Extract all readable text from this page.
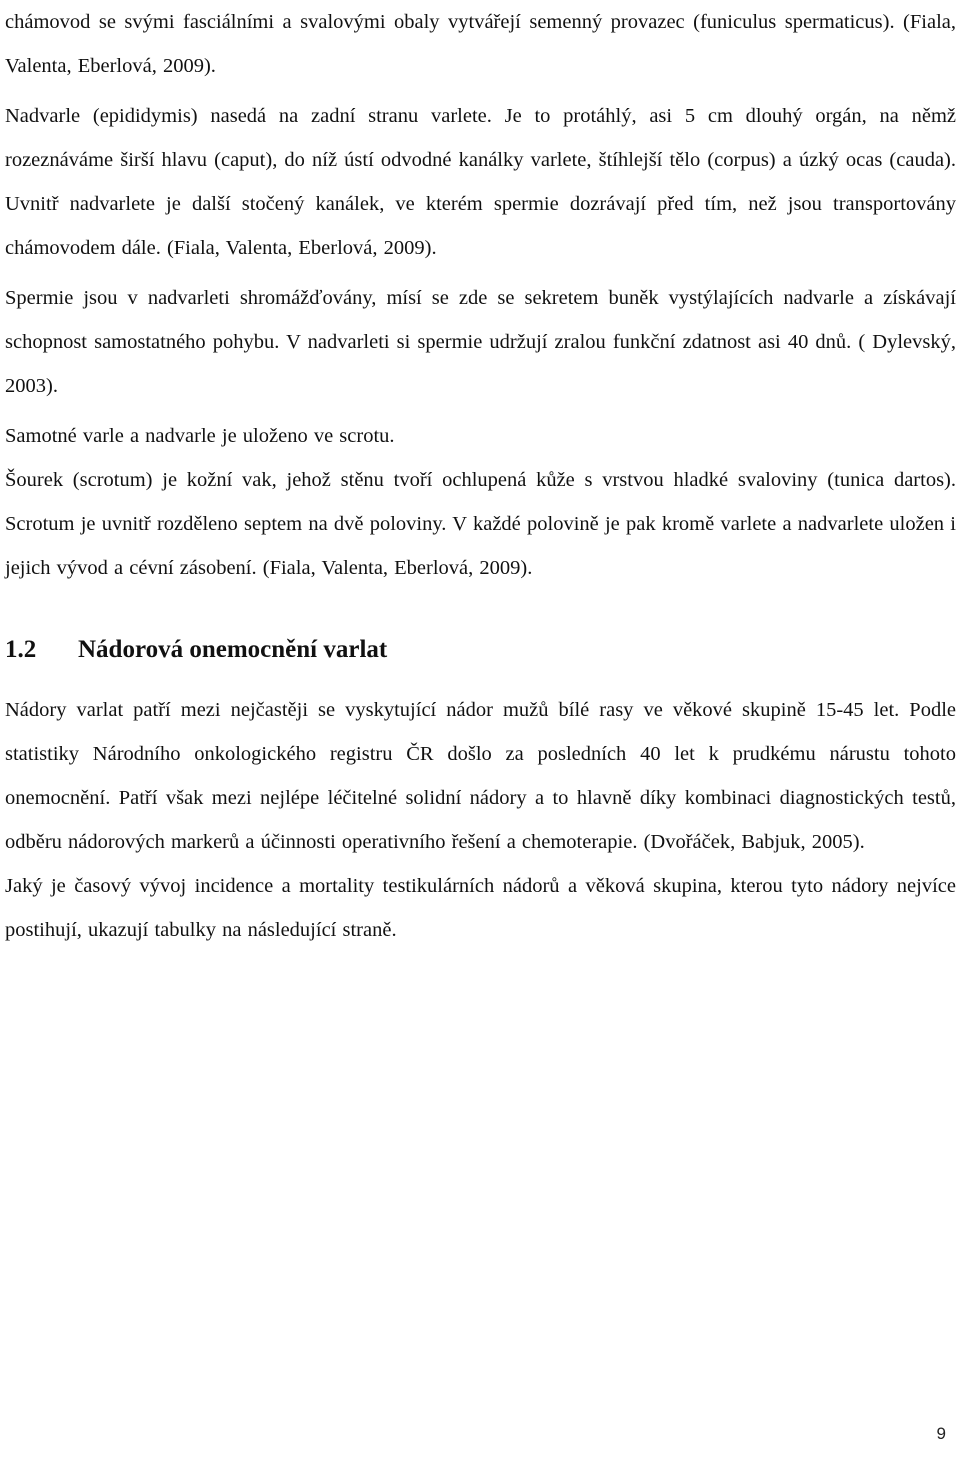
chámovod se svými fasciálními a svalovými obaly vytvářejí semenný provazec (funiculus spermaticus). (Fiala, Valenta, Eberlová, 2009).

Nadvarle (epididymis) nasedá na zadní stranu varlete. Je to protáhlý, asi 5 cm dlouhý orgán, na němž rozeznáváme širší hlavu (caput), do níž ústí odvodné kanálky varlete, štíhlejší tělo (corpus) a úzký ocas (cauda). Uvnitř nadvarlete je další stočený kanálek, ve kterém spermie dozrávají před tím, než jsou transportovány chámovodem dále. (Fiala, Valenta, Eberlová, 2009).

Spermie jsou v nadvarleti shromážďovány, mísí se zde se sekretem buněk vystýlajících nadvarle a získávají schopnost samostatného pohybu. V nadvarleti si spermie udržují zralou funkční zdatnost asi 40 dnů. ( Dylevský, 2003).

Samotné varle a nadvarle je uloženo ve scrotu.

Šourek (scrotum) je kožní vak, jehož stěnu tvoří ochlupená kůže s vrstvou hladké svaloviny (tunica dartos). Scrotum je uvnitř rozděleno septem na dvě poloviny. V každé polovině je pak kromě varlete a nadvarlete uložen i jejich vývod a cévní zásobení. (Fiala, Valenta, Eberlová, 2009).

1.2	Nádorová onemocnění varlat

Nádory varlat patří mezi nejčastěji se vyskytující nádor mužů bílé rasy ve věkové skupině 15-45 let. Podle statistiky Národního onkologického registru ČR došlo za posledních 40 let k prudkému nárustu tohoto onemocnění. Patří však mezi nejlépe léčitelné solidní nádory a to hlavně díky kombinaci diagnostických testů, odběru nádorových markerů a účinnosti operativního řešení a chemoterapie. (Dvořáček, Babjuk, 2005).

Jaký je časový vývoj incidence a mortality testikulárních nádorů a věková skupina, kterou tyto nádory nejvíce postihují, ukazují tabulky na následující straně.

9
